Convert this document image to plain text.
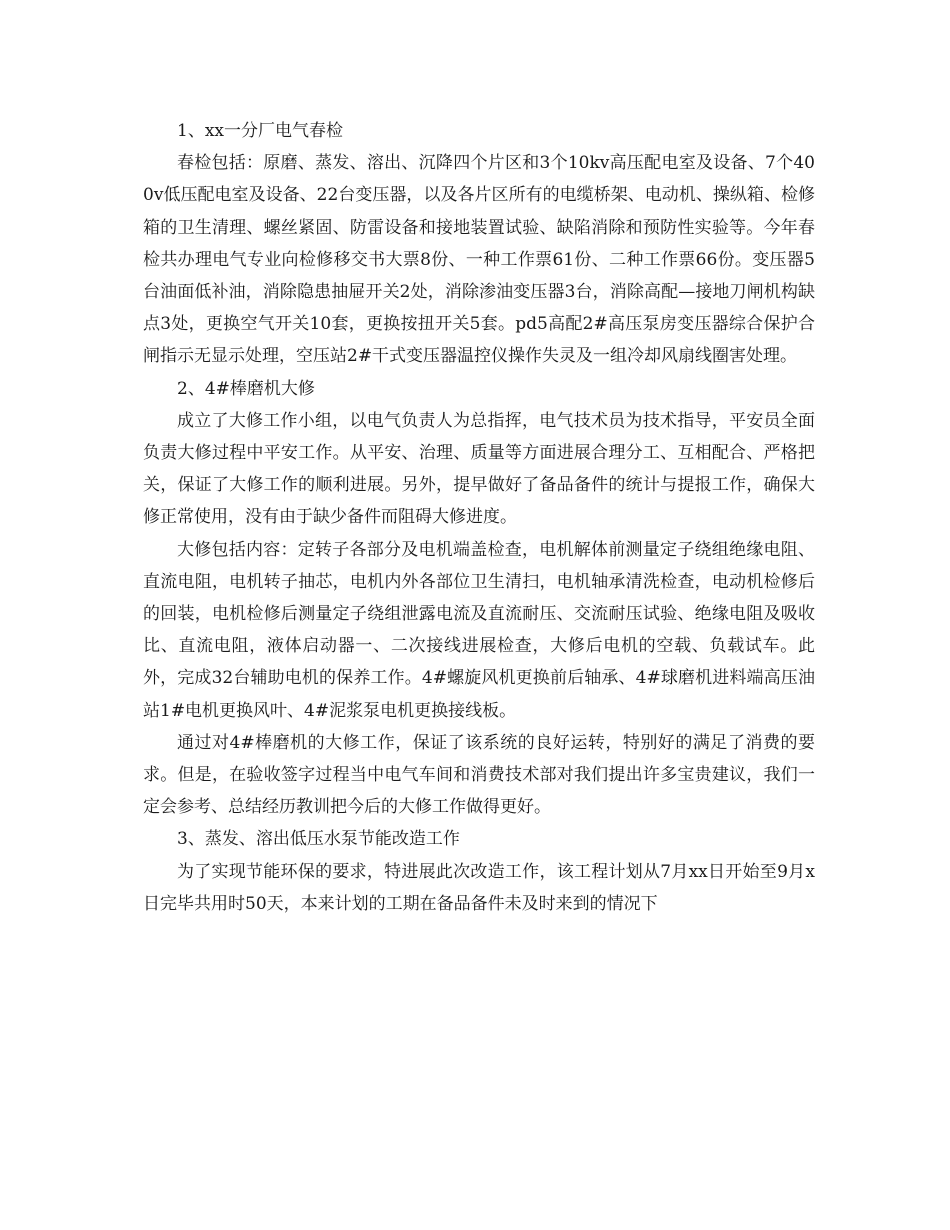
1、xx一分厂电气春检

春检包括：原磨、蒸发、溶出、沉降四个片区和3个10kv高压配电室及设备、7个400v低压配电室及设备、22台变压器，以及各片区所有的电缆桥架、电动机、操纵箱、检修箱的卫生清理、螺丝紧固、防雷设备和接地装置试验、缺陷消除和预防性实验等。今年春检共办理电气专业向检修移交书大票8份、一种工作票61份、二种工作票66份。变压器5台油面低补油，消除隐患抽屉开关2处，消除渗油变压器3台，消除高配—接地刀闸机构缺点3处，更换空气开关10套，更换按扭开关5套。pd5高配2#高压泵房变压器综合保护合闸指示无显示处理，空压站2#干式变压器温控仪操作失灵及一组冷却风扇线圈害处理。

2、4#棒磨机大修

成立了大修工作小组，以电气负责人为总指挥，电气技术员为技术指导，平安员全面负责大修过程中平安工作。从平安、治理、质量等方面进展合理分工、互相配合、严格把关，保证了大修工作的顺利进展。另外，提早做好了备品备件的统计与提报工作，确保大修正常使用，没有由于缺少备件而阻碍大修进度。

大修包括内容：定转子各部分及电机端盖检查，电机解体前测量定子绕组绝缘电阻、直流电阻，电机转子抽芯，电机内外各部位卫生清扫，电机轴承清洗检查，电动机检修后的回装，电机检修后测量定子绕组泄露电流及直流耐压、交流耐压试验、绝缘电阻及吸收比、直流电阻，液体启动器一、二次接线进展检查，大修后电机的空载、负载试车。此外，完成32台辅助电机的保养工作。4#螺旋风机更换前后轴承、4#球磨机进料端高压油站1#电机更换风叶、4#泥浆泵电机更换接线板。

通过对4#棒磨机的大修工作，保证了该系统的良好运转，特别好的满足了消费的要求。但是，在验收签字过程当中电气车间和消费技术部对我们提出许多宝贵建议，我们一定会参考、总结经历教训把今后的大修工作做得更好。

3、蒸发、溶出低压水泵节能改造工作

为了实现节能环保的要求，特进展此次改造工作，该工程计划从7月xx日开始至9月x日完毕共用时50天，本来计划的工期在备品备件未及时来到的情况下
